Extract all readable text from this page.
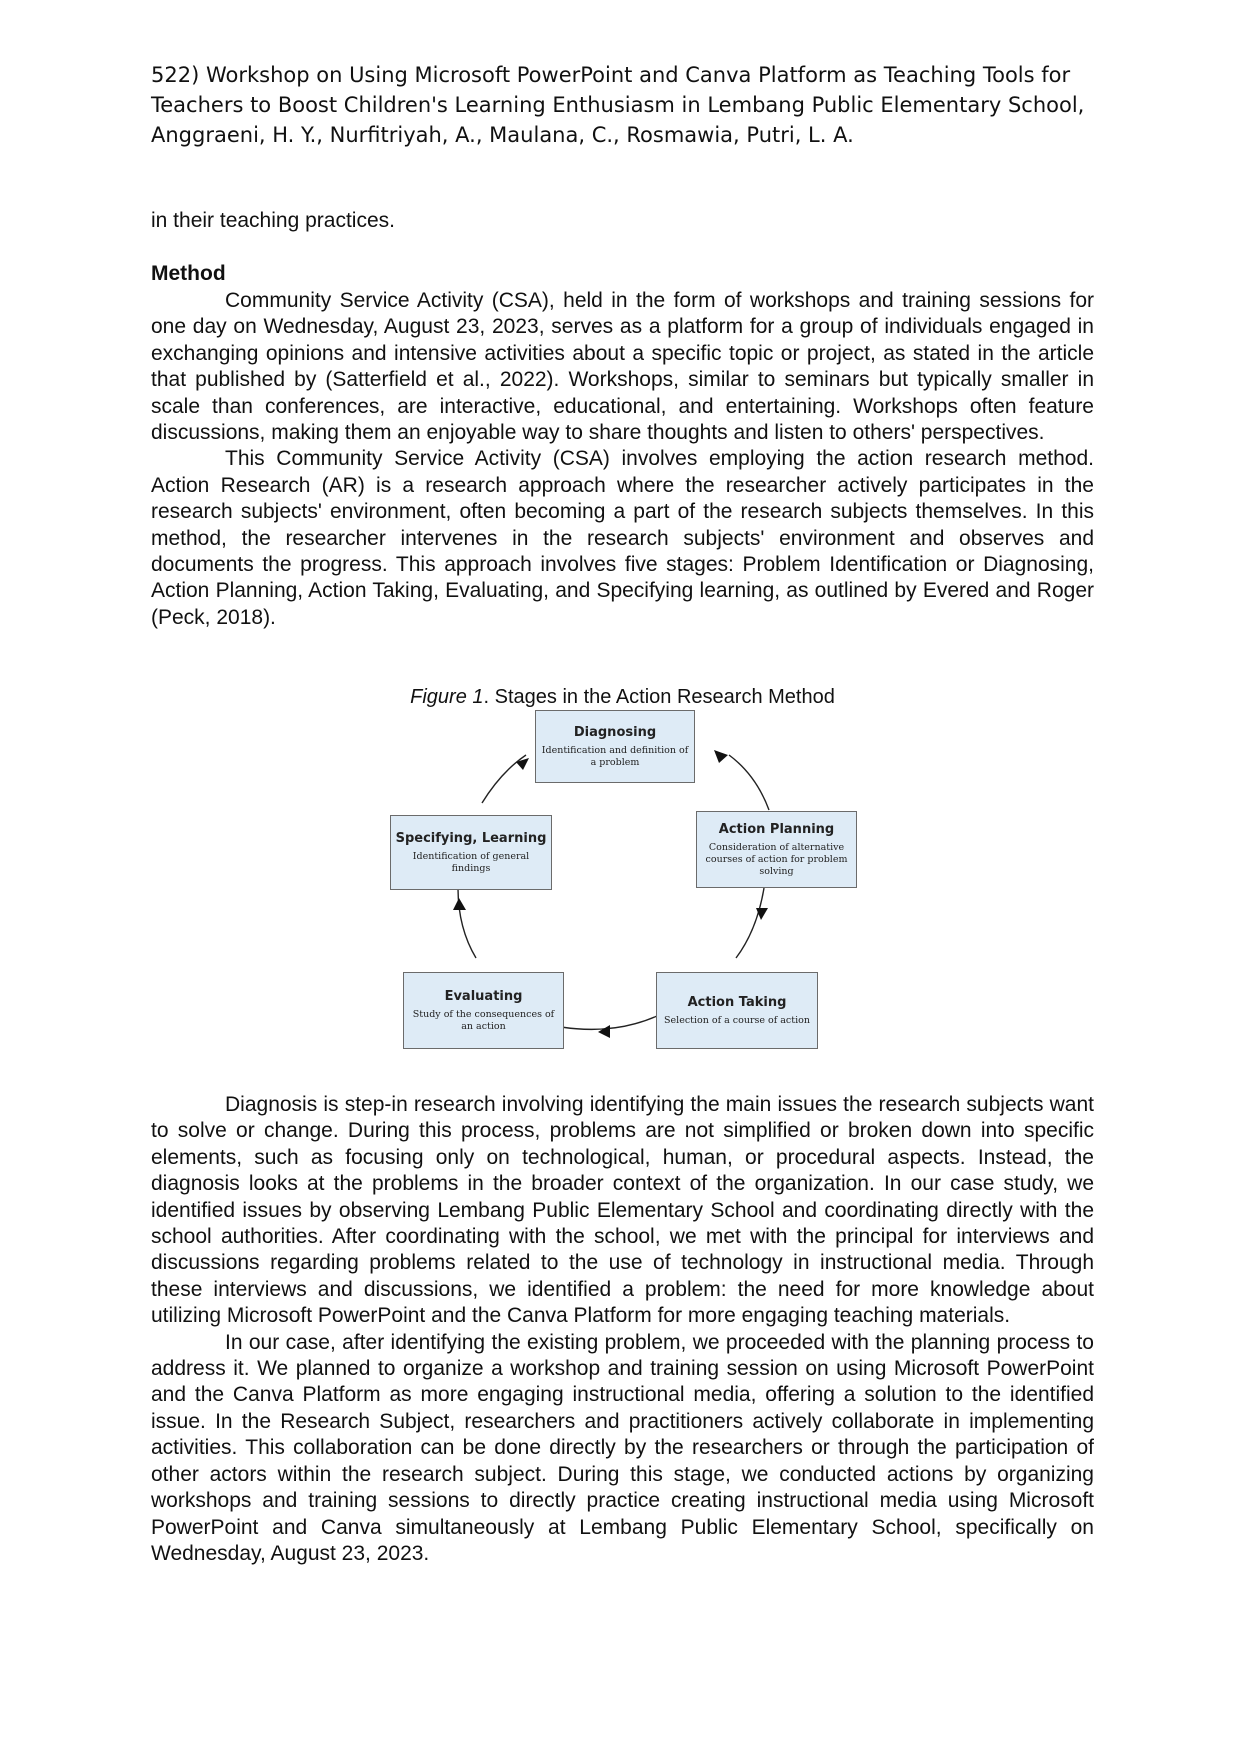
522) Workshop on Using Microsoft PowerPoint and Canva Platform as Teaching Tools for
Teachers to Boost Children's Learning Enthusiasm in Lembang Public Elementary School,
Anggraeni, H. Y., Nurfitriyah, A., Maulana, C., Rosmawia, Putri, L. A.

in their teaching practices.

Method

Community Service Activity (CSA), held in the form of workshops and training sessions for one day on Wednesday, August 23, 2023, serves as a platform for a group of individuals engaged in exchanging opinions and intensive activities about a specific topic or project, as stated in the article that published by (Satterfield et al., 2022). Workshops, similar to seminars but typically smaller in scale than conferences, are interactive, educational, and entertaining. Workshops often feature discussions, making them an enjoyable way to share thoughts and listen to others' perspectives.

This Community Service Activity (CSA) involves employing the action research method. Action Research (AR) is a research approach where the researcher actively participates in the research subjects' environment, often becoming a part of the research subjects themselves. In this method, the researcher intervenes in the research subjects' environment and observes and documents the progress. This approach involves five stages: Problem Identification or Diagnosing, Action Planning, Action Taking, Evaluating, and Specifying learning, as outlined by Evered and Roger (Peck, 2018).

Figure 1. Stages in the Action Research Method
Diagnosing
Identification and definition of a problem
Action Planning
Consideration of alternative courses of action for problem solving
Action Taking
Selection of a course of action
Evaluating
Study of the consequences of an action
Specifying, Learning
Identification of general findings

Diagnosis is step-in research involving identifying the main issues the research subjects want to solve or change. During this process, problems are not simplified or broken down into specific elements, such as focusing only on technological, human, or procedural aspects. Instead, the diagnosis looks at the problems in the broader context of the organization. In our case study, we identified issues by observing Lembang Public Elementary School and coordinating directly with the school authorities. After coordinating with the school, we met with the principal for interviews and discussions regarding problems related to the use of technology in instructional media. Through these interviews and discussions, we identified a problem: the need for more knowledge about utilizing Microsoft PowerPoint and the Canva Platform for more engaging teaching materials.

In our case, after identifying the existing problem, we proceeded with the planning process to address it. We planned to organize a workshop and training session on using Microsoft PowerPoint and the Canva Platform as more engaging instructional media, offering a solution to the identified issue. In the Research Subject, researchers and practitioners actively collaborate in implementing activities. This collaboration can be done directly by the researchers or through the participation of other actors within the research subject. During this stage, we conducted actions by organizing workshops and training sessions to directly practice creating instructional media using Microsoft PowerPoint and Canva simultaneously at Lembang Public Elementary School, specifically on Wednesday, August 23, 2023.
